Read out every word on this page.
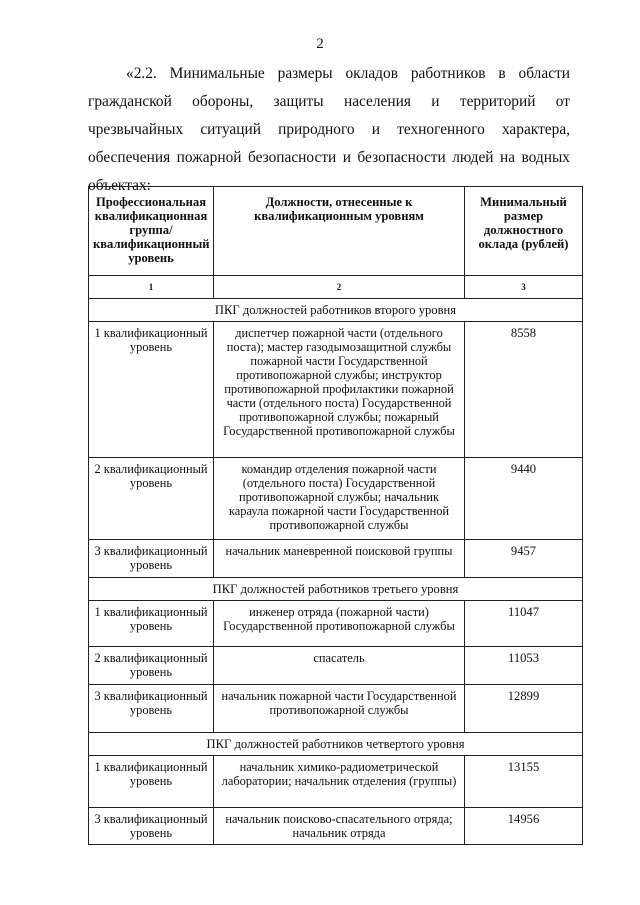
2

«2.2. Минимальные размеры окладов работников в области гражданской обороны, защиты населения и территорий от чрезвычайных ситуаций природного и техногенного характера, обеспечения пожарной безопасности и безопасности людей на водных объектах:

Профессиональная квалификационная группа/ квалификационный уровень	Должности, отнесенные к квалификационным уровням	Минимальный размер должностного оклада (рублей)
1	2	3
ПКГ должностей работников второго уровня		
1 квалификационный уровень	диспетчер пожарной части (отдельного поста); мастер газодымозащитной службы пожарной части Государственной противопожарной службы; инструктор противопожарной профилактики пожарной части (отдельного поста) Государственной противопожарной службы; пожарный Государственной противопожарной службы	8558
2 квалификационный уровень	командир отделения пожарной части (отдельного поста) Государственной противопожарной службы; начальник караула пожарной части Государственной противопожарной службы	9440
3 квалификационный уровень	начальник маневренной поисковой группы	9457
ПКГ должностей работников третьего уровня		
1 квалификационный уровень	инженер отряда (пожарной части) Государственной противопожарной службы	11047
2 квалификационный уровень	спасатель	11053
3 квалификационный уровень	начальник пожарной части Государственной противопожарной службы	12899
ПКГ должностей работников четвертого уровня		
1 квалификационный уровень	начальник химико-радиометрической лаборатории; начальник отделения (группы)	13155
3 квалификационный уровень	начальник поисково-спасательного отряда; начальник отряда	14956
